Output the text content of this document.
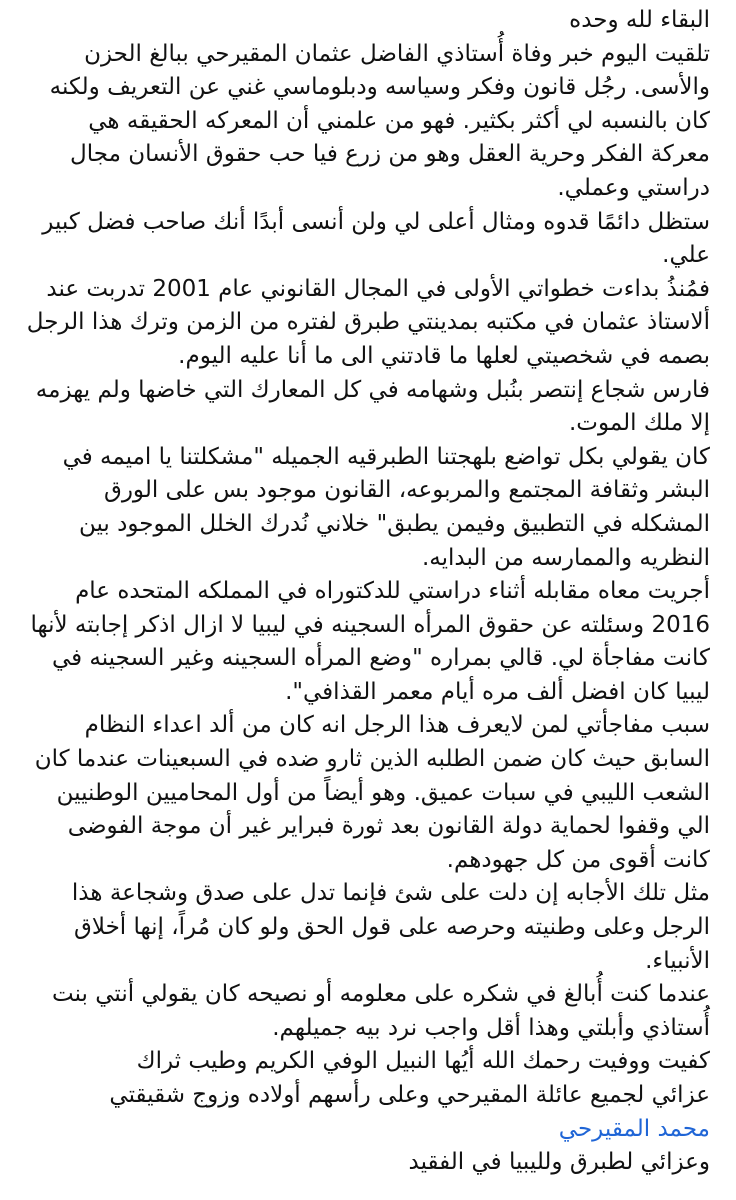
البقاء لله وحده

تلقيت اليوم خبر وفاة أُستاذي الفاضل عثمان المقيرحي ببالغ الحزن والأسى. رجُل قانون وفكر وسياسه ودبلوماسي غني عن التعريف ولكنه كان بالنسبه لي أكثر بكثير. فهو من علمني أن المعركه الحقيقه هي معركة الفكر وحرية العقل وهو من زرع فيا حب حقوق الأنسان مجال دراستي وعملي.

ستظل دائمًا قدوه ومثال أعلى لي ولن أنسى أبدًا أنك صاحب فضل كبير علي.

فمُنذُ بداءت خطواتي الأولى في المجال القانوني عام 2001 تدربت عند ألاستاذ عثمان في مكتبه بمدينتي طبرق لفتره من الزمن وترك هذا الرجل بصمه في شخصيتي لعلها ما قادتني الى ما أنا عليه اليوم.

فارس شجاع إنتصر بنُبل وشهامه في كل المعارك التي خاضها ولم يهزمه إلا ملك الموت.

كان يقولي بكل تواضع بلهجتنا الطبرقيه الجميله "مشكلتنا يا اميمه في البشر وثقافة المجتمع والمربوعه، القانون موجود بس على الورق المشكله في التطبيق وفيمن يطبق" خلاني نُدرك الخلل الموجود بين النظريه والممارسه من البدايه.

أجريت معاه مقابله أثناء دراستي للدكتوراه في المملكه المتحده عام 2016 وسئلته عن حقوق المرأه السجينه في ليبيا لا ازال اذكر إجابته لأنها كانت مفاجأة لي. قالي بمراره "وضع المرأه السجينه وغير السجينه في ليبيا كان افضل ألف مره أيام معمر القذافي".

سبب مفاجأتي لمن لايعرف هذا الرجل انه كان من ألد اعداء النظام السابق حيث كان ضمن الطلبه الذين ثارو ضده في السبعينات عندما كان الشعب الليبي في سبات عميق. وهو أيضاً من أول المحاميين الوطنيين الي وقفوا لحماية دولة القانون بعد ثورة فبراير غير أن موجة الفوضى كانت أقوى من كل جهودهم.

مثل تلك الأجابه إن دلت على شئ فإنما تدل على صدق وشجاعة هذا الرجل وعلى وطنيته وحرصه على قول الحق ولو كان مُراً، إنها أخلاق الأنبياء.

عندما كنت أُبالغ في شكره على معلومه أو نصيحه كان يقولي أنتي بنت أُستاذي وأبلتي وهذا أقل واجب نرد بيه جميلهم.

كفيت ووفيت رحمك الله أيُها النبيل الوفي الكريم وطيب ثراك

عزائي لجميع عائلة المقيرحي وعلى رأسهم أولاده وزوج شقيقتي

محمد المقيرحي

وعزائي لطبرق ولليبيا في الفقيد
